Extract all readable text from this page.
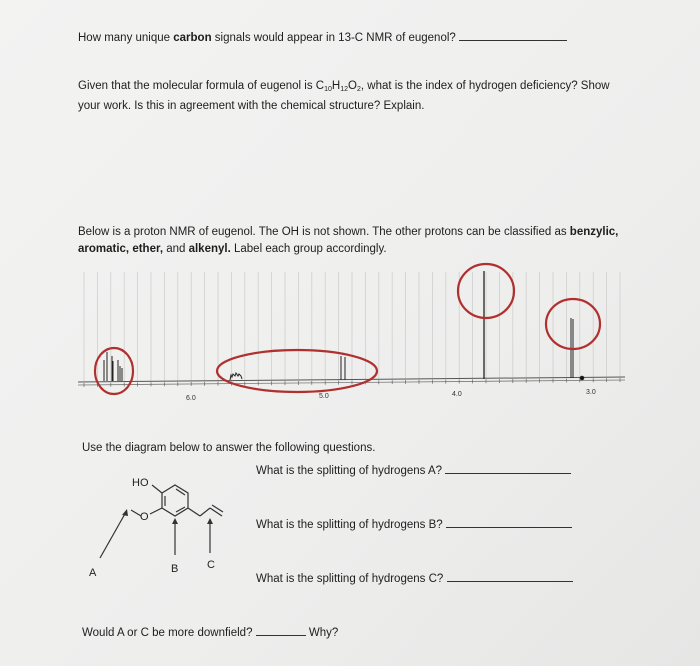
How many unique carbon signals would appear in 13-C NMR of eugenol?
Given that the molecular formula of eugenol is $C_{10}H_{12}O_2$, what is the index of hydrogen deficiency? Show
your work. Is this in agreement with the chemical structure? Explain.
Below is a proton NMR of eugenol. The OH is not shown. The other protons can be classified as benzylic,
aromatic, ether, and alkenyl. Label each group accordingly.
6.0	5.0	4.0	3.0
HO
O
A	B	C
Use the diagram below to answer the following questions.
What is the splitting of hydrogens A?
What is the splitting of hydrogens B?
What is the splitting of hydrogens C?
Would A or C be more downfield?	Why?
